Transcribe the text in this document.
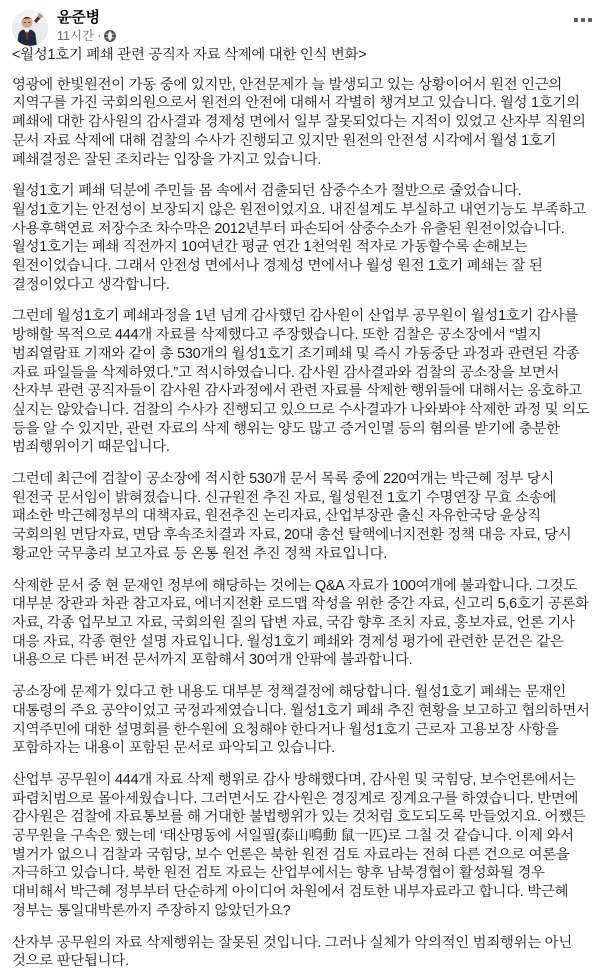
윤준병
11시간 ·

<월성1호기 폐쇄 관련 공직자 자료 삭제에 대한 인식 변화>

영광에 한빛원전이 가동 중에 있지만, 안전문제가 늘 발생되고 있는 상황이어서 원전 인근의 지역구를 가진 국회의원으로서 원전의 안전에 대해서 각별히 챙겨보고 있습니다. 월성 1호기의 폐쇄에 대한 감사원의 감사결과 경제성 면에서 일부 잘못되었다는 지적이 있었고 산자부 직원의 문서 자료 삭제에 대해 검찰의 수사가 진행되고 있지만 원전의 안전성 시각에서 월성 1호기 폐쇄결정은 잘된 조치라는 입장을 가지고 있습니다.

월성1호기 폐쇄 덕분에 주민들 몸 속에서 검출되던 삼중수소가 절반으로 줄었습니다. 월성1호기는 안전성이 보장되지 않은 원전이었지요. 내진설계도 부실하고 내연기능도 부족하고 사용후핵연료 저장수조 차수막은 2012년부터 파손되어 삼중수소가 유출된 원전이었습니다. 월성1호기는 폐쇄 직전까지 10여년간 평균 연간 1천억원 적자로 가동할수록 손해보는 원전이었습니다. 그래서 안전성 면에서나 경제성 면에서나 월성 원전 1호기 폐쇄는 잘 된 결정이었다고 생각합니다.

그런데 월성1호기 폐쇄과정을 1년 넘게 감사했던 감사원이 산업부 공무원이 월성1호기 감사를 방해할 목적으로 444개 자료를 삭제했다고 주장했습니다. 또한 검찰은 공소장에서 “별지 범죄열람표 기재와 같이 총 530개의 월성1호기 조기폐쇄 및 즉시 가동중단 과정과 관련된 각종 자료 파일들을 삭제하였다.”고 적시하였습니다. 감사원 감사결과와 검찰의 공소장을 보면서 산자부 관련 공직자들이 감사원 감사과정에서 관련 자료를 삭제한 행위들에 대해서는 옹호하고 싶지는 않았습니다. 검찰의 수사가 진행되고 있으므로 수사결과가 나와봐야 삭제한 과정 및 의도 등을 알 수 있지만, 관련 자료의 삭제 행위는 양도 많고 증거인멸 등의 혐의를 받기에 충분한 범죄행위이기 때문입니다.

그런데 최근에 검찰이 공소장에 적시한 530개 문서 목록 중에 220여개는 박근혜 정부 당시 원전국 문서임이 밝혀졌습니다. 신규원전 추진 자료, 월성원전 1호기 수명연장 무효 소송에 패소한 박근혜정부의 대책자료, 원전추진 논리자료, 산업부장관 출신 자유한국당 윤상직 국회의원 면담자료, 면담 후속조치결과 자료, 20대 총선 탈핵에너지전환 정책 대응 자료, 당시 황교안 국무총리 보고자료 등 온통 원전 추진 정책 자료입니다.

삭제한 문서 중 현 문재인 정부에 해당하는 것에는 Q&A 자료가 100여개에 불과합니다. 그것도 대부분 장관과 차관 참고자료, 에너지전환 로드맵 작성을 위한 중간 자료, 신고리 5,6호기 공론화 자료, 각종 업무보고 자료, 국회의원 질의 답변 자료, 국감 향후 조치 자료, 홍보자료, 언론 기사 대응 자료, 각종 현안 설명 자료입니다. 월성1호기 폐쇄와 경제성 평가에 관련한 문건은 같은 내용으로 다른 버전 문서까지 포함해서 30여개 안팎에 불과합니다.

공소장에 문제가 있다고 한 내용도 대부분 정책결정에 해당합니다. 월성1호기 폐쇄는 문재인 대통령의 주요 공약이었고 국정과제였습니다. 월성1호기 폐쇄 추진 현황을 보고하고 협의하면서 지역주민에 대한 설명회를 한수원에 요청해야 한다거나 월성1호기 근로자 고용보장 사항을 포함하자는 내용이 포함된 문서로 파악되고 있습니다.

산업부 공무원이 444개 자료 삭제 행위로 감사 방해했다며, 감사원 및 국힘당, 보수언론에서는 파렴치범으로 몰아세웠습니다. 그러면서도 감사원은 경징계로 징계요구를 하였습니다. 반면에 감사원은 검찰에 자료통보를 해 거대한 불법행위가 있는 것처럼 호도되도록 만들었지요. 어쨌든 공무원을 구속은 했는데 ‘태산명동에 서일필(泰山鳴動 鼠一匹)로 그칠 것 같습니다. 이제 와서 별거가 없으니 검찰과 국힘당, 보수 언론은 북한 원전 검토 자료라는 전혀 다른 건으로 여론을 자극하고 있습니다. 북한 원전 검토 자료는 산업부에서는 향후 남북경협이 활성화될 경우 대비해서 박근혜 정부부터 단순하게 아이디어 차원에서 검토한 내부자료라고 합니다. 박근혜 정부는 통일대박론까지 주장하지 않았던가요?

산자부 공무원의 자료 삭제행위는 잘못된 것입니다. 그러나 실체가 악의적인 범죄행위는 아닌 것으로 판단됩니다.
